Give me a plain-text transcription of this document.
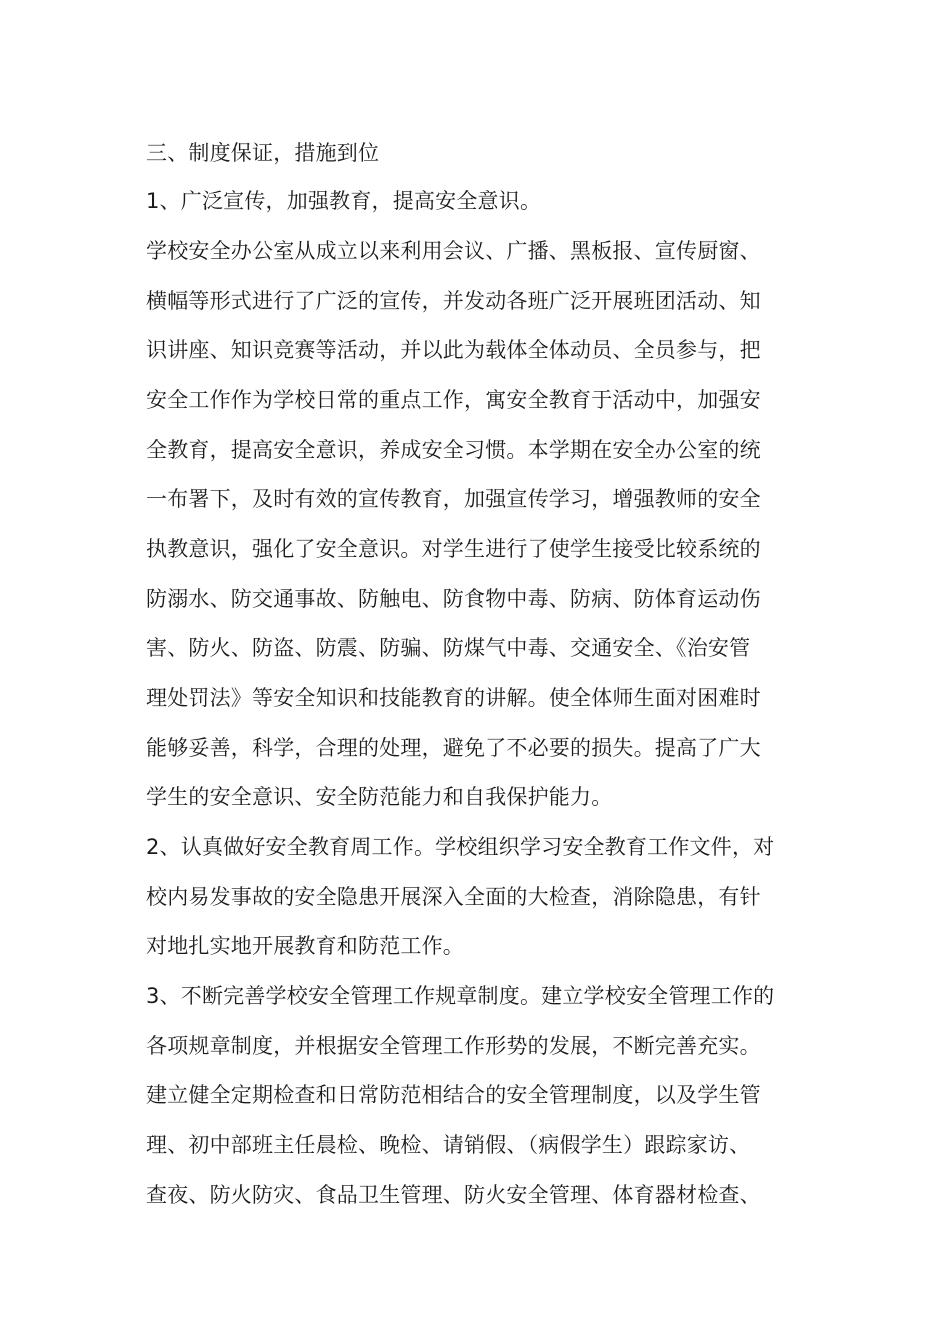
三、制度保证，措施到位
1、广泛宣传，加强教育，提高安全意识。
学校安全办公室从成立以来利用会议、广播、黑板报、宣传厨窗、
横幅等形式进行了广泛的宣传，并发动各班广泛开展班团活动、知
识讲座、知识竞赛等活动，并以此为载体全体动员、全员参与，把
安全工作作为学校日常的重点工作，寓安全教育于活动中，加强安
全教育，提高安全意识，养成安全习惯。本学期在安全办公室的统
一布署下，及时有效的宣传教育，加强宣传学习，增强教师的安全
执教意识，强化了安全意识。对学生进行了使学生接受比较系统的
防溺水、防交通事故、防触电、防食物中毒、防病、防体育运动伤
害、防火、防盗、防震、防骗、防煤气中毒、交通安全、《治安管
理处罚法》等安全知识和技能教育的讲解。使全体师生面对困难时
能够妥善，科学，合理的处理，避免了不必要的损失。提高了广大
学生的安全意识、安全防范能力和自我保护能力。
2、认真做好安全教育周工作。学校组织学习安全教育工作文件，对
校内易发事故的安全隐患开展深入全面的大检查，消除隐患，有针
对地扎实地开展教育和防范工作。
3、不断完善学校安全管理工作规章制度。建立学校安全管理工作的
各项规章制度，并根据安全管理工作形势的发展，不断完善充实。
建立健全定期检查和日常防范相结合的安全管理制度，以及学生管
理、初中部班主任晨检、晚检、请销假、（病假学生）跟踪家访、
查夜、防火防灾、食品卫生管理、防火安全管理、体育器材检查、
